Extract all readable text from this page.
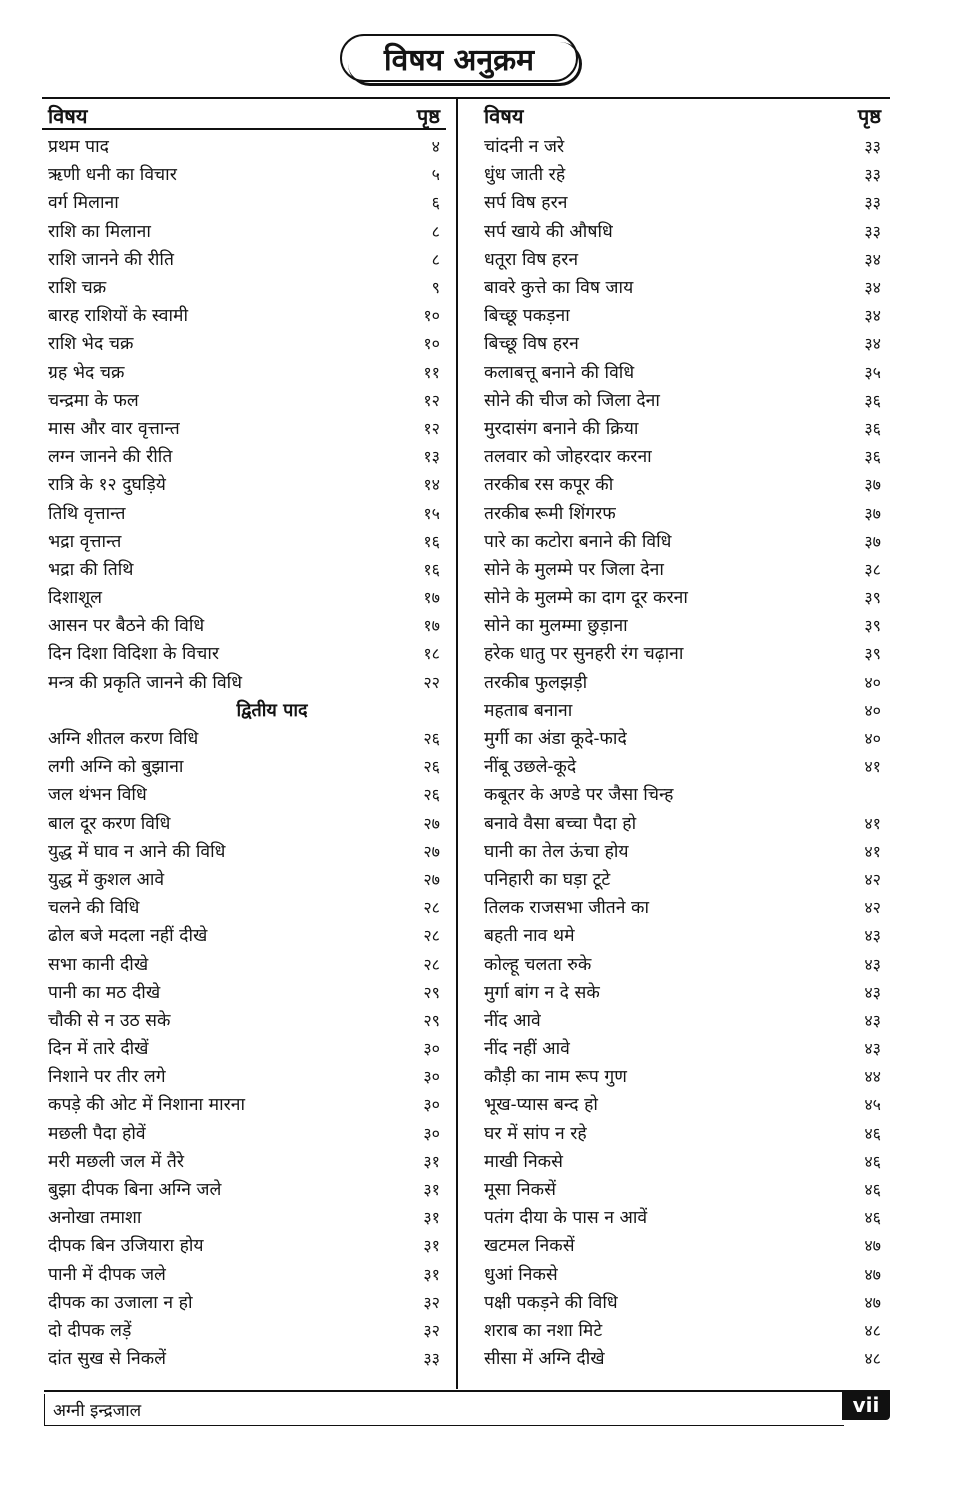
विषय अनुक्रम
विषय	पृष्ठ
प्रथम पाद	४
ऋणी धनी का विचार	५
वर्ग मिलाना	६
राशि का मिलाना	८
राशि जानने की रीति	८
राशि चक्र	९
बारह राशियों के स्वामी	१०
राशि भेद चक्र	१०
ग्रह भेद चक्र	११
चन्द्रमा के फल	१२
मास और वार वृत्तान्त	१२
लग्न जानने की रीति	१३
रात्रि के १२ दुघड़िये	१४
तिथि वृत्तान्त	१५
भद्रा वृत्तान्त	१६
भद्रा की तिथि	१६
दिशाशूल	१७
आसन पर बैठने की विधि	१७
दिन दिशा विदिशा के विचार	१८
मन्त्र की प्रकृति जानने की विधि	२२
द्वितीय पाद
अग्नि शीतल करण विधि	२६
लगी अग्नि को बुझाना	२६
जल थंभन विधि	२६
बाल दूर करण विधि	२७
युद्ध में घाव न आने की विधि	२७
युद्ध में कुशल आवे	२७
चलने की विधि	२८
ढोल बजे मदला नहीं दीखे	२८
सभा कानी दीखे	२८
पानी का मठ दीखे	२९
चौकी से न उठ सके	२९
दिन में तारे दीखें	३०
निशाने पर तीर लगे	३०
कपड़े की ओट में निशाना मारना	३०
मछली पैदा होवें	३०
मरी मछली जल में तैरे	३१
बुझा दीपक बिना अग्नि जले	३१
अनोखा तमाशा	३१
दीपक बिन उजियारा होय	३१
पानी में दीपक जले	३१
दीपक का उजाला न हो	३२
दो दीपक लड़ें	३२
दांत सुख से निकलें	३३
विषय	पृष्ठ
चांदनी न जरे	३३
धुंध जाती रहे	३३
सर्प विष हरन	३३
सर्प खाये की औषधि	३३
धतूरा विष हरन	३४
बावरे कुत्ते का विष जाय	३४
बिच्छू पकड़ना	३४
बिच्छू विष हरन	३४
कलाबत्तू बनाने की विधि	३५
सोने की चीज को जिला देना	३६
मुरदासंग बनाने की क्रिया	३६
तलवार को जोहरदार करना	३६
तरकीब रस कपूर की	३७
तरकीब रूमी शिंगरफ	३७
पारे का कटोरा बनाने की विधि	३७
सोने के मुलम्मे पर जिला देना	३८
सोने के मुलम्मे का दाग दूर करना	३९
सोने का मुलम्मा छुड़ाना	३९
हरेक धातु पर सुनहरी रंग चढ़ाना	३९
तरकीब फुलझड़ी	४०
महताब बनाना	४०
मुर्गी का अंडा कूदे-फादे	४०
नींबू उछले-कूदे	४१
कबूतर के अण्डे पर जैसा चिन्ह
बनावे वैसा बच्चा पैदा हो	४१
घानी का तेल ऊंचा होय	४१
पनिहारी का घड़ा टूटे	४२
तिलक राजसभा जीतने का	४२
बहती नाव थमे	४३
कोल्हू चलता रुके	४३
मुर्गा बांग न दे सके	४३
नींद आवे	४३
नींद नहीं आवे	४३
कौड़ी का नाम रूप गुण	४४
भूख-प्यास बन्द हो	४५
घर में सांप न रहे	४६
माखी निकसे	४६
मूसा निकसें	४६
पतंग दीया के पास न आवें	४६
खटमल निकसें	४७
धुआं निकसे	४७
पक्षी पकड़ने की विधि	४७
शराब का नशा मिटे	४८
सीसा में अग्नि दीखे	४८
अग्नी इन्द्रजाल	vii
